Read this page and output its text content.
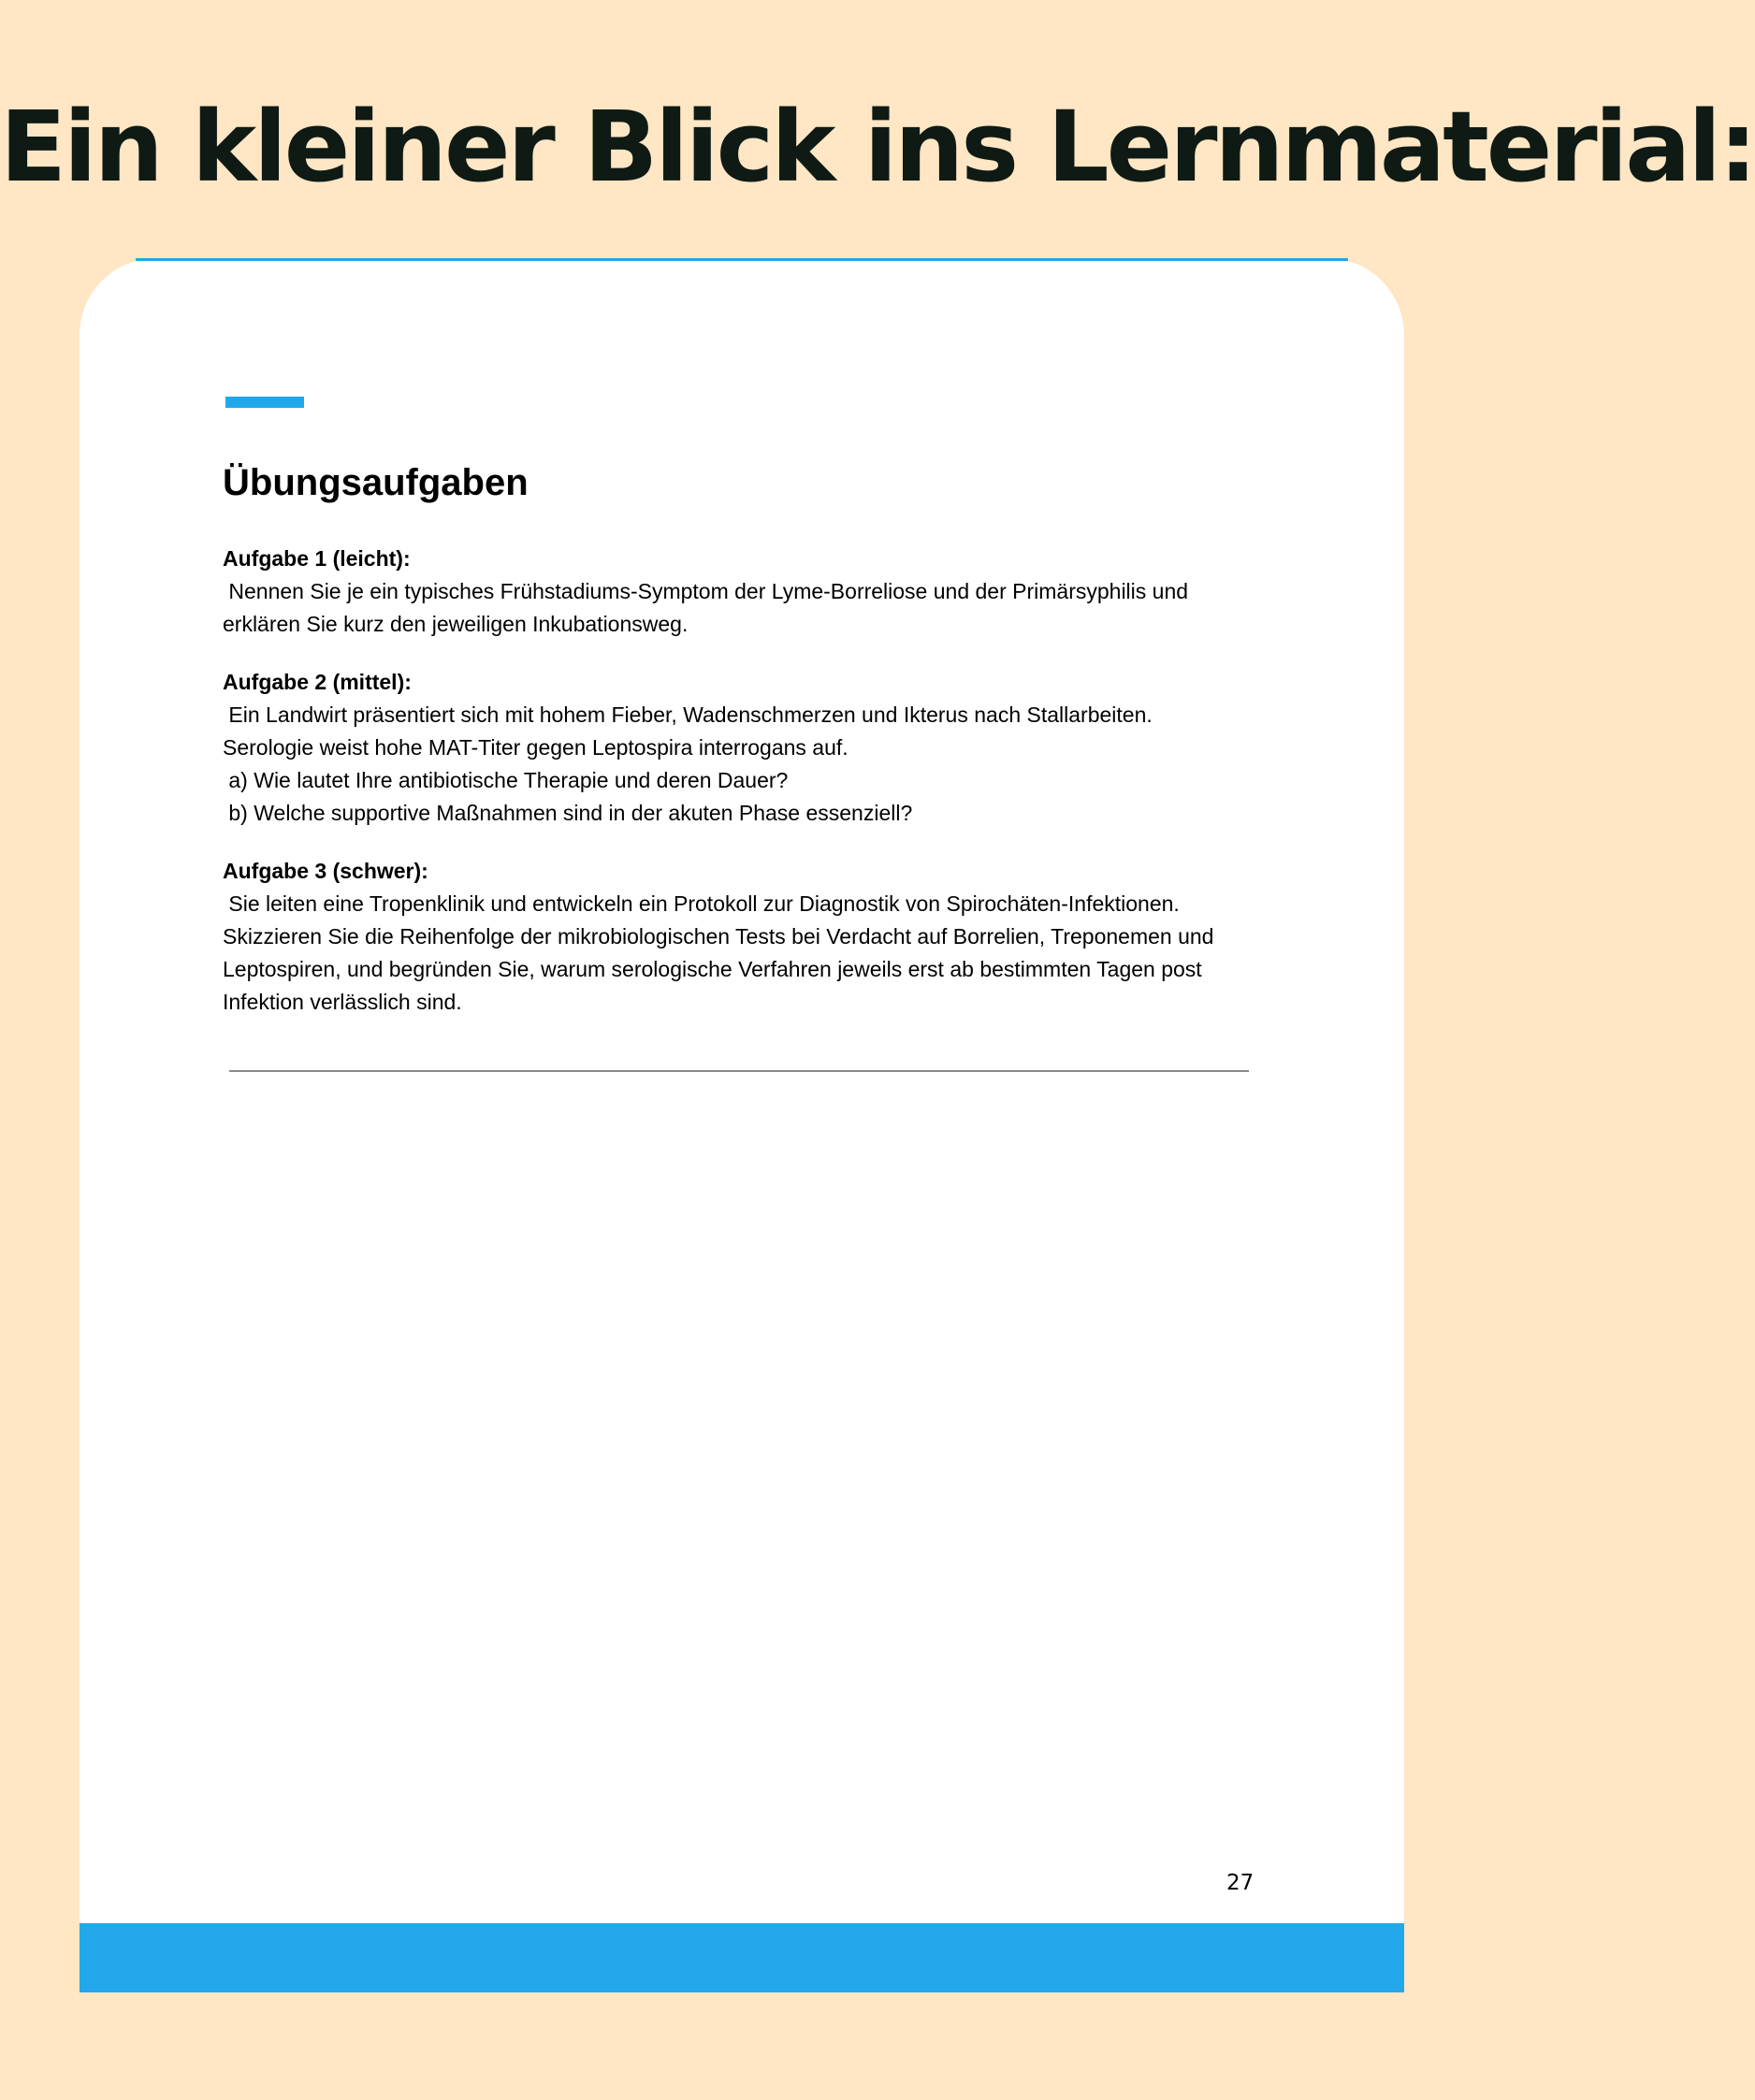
Ein kleiner Blick ins Lernmaterial:
Übungsaufgaben
Aufgabe 1 (leicht):
Nennen Sie je ein typisches Frühstadiums-Symptom der Lyme-Borreliose und der Primärsyphilis und
erklären Sie kurz den jeweiligen Inkubationsweg.
Aufgabe 2 (mittel):
Ein Landwirt präsentiert sich mit hohem Fieber, Wadenschmerzen und Ikterus nach Stallarbeiten.
Serologie weist hohe MAT-Titer gegen Leptospira interrogans auf.
a) Wie lautet Ihre antibiotische Therapie und deren Dauer?
b) Welche supportive Maßnahmen sind in der akuten Phase essenziell?
Aufgabe 3 (schwer):
Sie leiten eine Tropenklinik und entwickeln ein Protokoll zur Diagnostik von Spirochäten-Infektionen.
Skizzieren Sie die Reihenfolge der mikrobiologischen Tests bei Verdacht auf Borrelien, Treponemen und
Leptospiren, und begründen Sie, warum serologische Verfahren jeweils erst ab bestimmten Tagen post
Infektion verlässlich sind.
27
